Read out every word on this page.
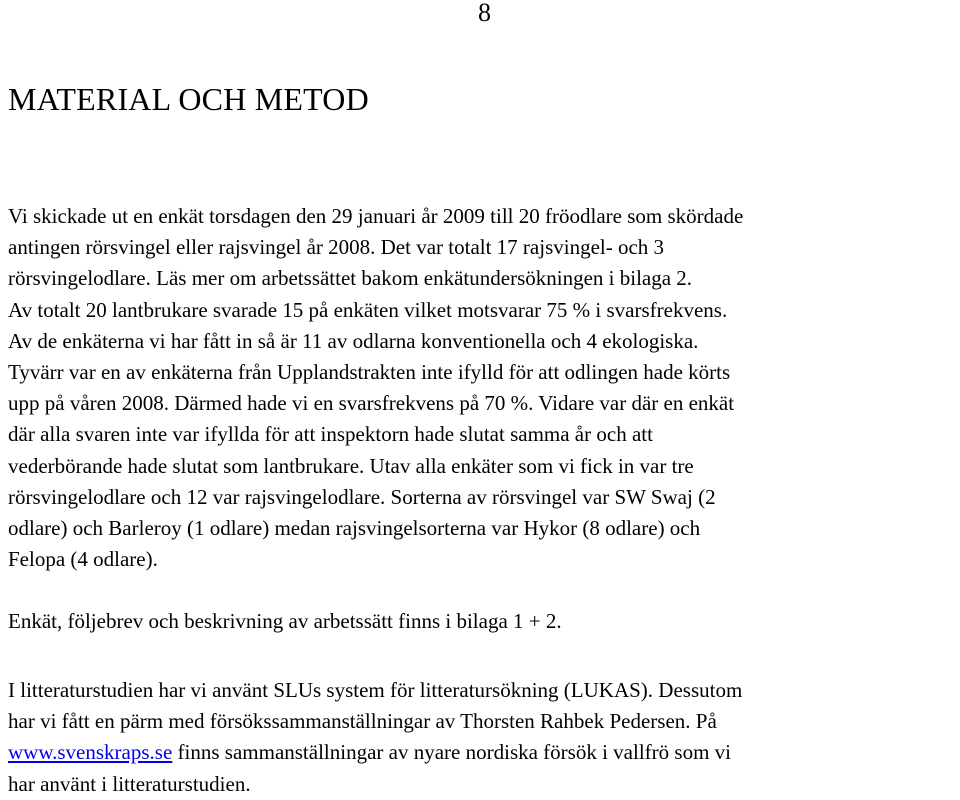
8
MATERIAL OCH METOD
Vi skickade ut en enkät torsdagen den 29 januari år 2009 till 20 fröodlare som skördade
antingen rörsvingel eller rajsvingel år 2008. Det var totalt 17 rajsvingel- och 3
rörsvingelodlare. Läs mer om arbetssättet bakom enkätundersökningen i bilaga 2.
Av totalt 20 lantbrukare svarade 15 på enkäten vilket motsvarar 75 % i svarsfrekvens.
Av de enkäterna vi har fått in så är 11 av odlarna konventionella och 4 ekologiska.
Tyvärr var en av enkäterna från Upplandstrakten inte ifylld för att odlingen hade körts
upp på våren 2008. Därmed hade vi en svarsfrekvens på 70 %. Vidare var där en enkät
där alla svaren inte var ifyllda för att inspektorn hade slutat samma år och att
vederbörande hade slutat som lantbrukare. Utav alla enkäter som vi fick in var tre
rörsvingelodlare och 12 var rajsvingelodlare. Sorterna av rörsvingel var SW Swaj (2
odlare) och Barleroy (1 odlare) medan rajsvingelsorterna var Hykor (8 odlare) och
Felopa (4 odlare).
Enkät, följebrev och beskrivning av arbetssätt finns i bilaga 1 + 2.
I litteraturstudien har vi använt SLUs system för litteratursökning (LUKAS). Dessutom
har vi fått en pärm med försökssammanställningar av Thorsten Rahbek Pedersen. På
www.svenskraps.se finns sammanställningar av nyare nordiska försök i vallfrö som vi
har använt i litteraturstudien.
